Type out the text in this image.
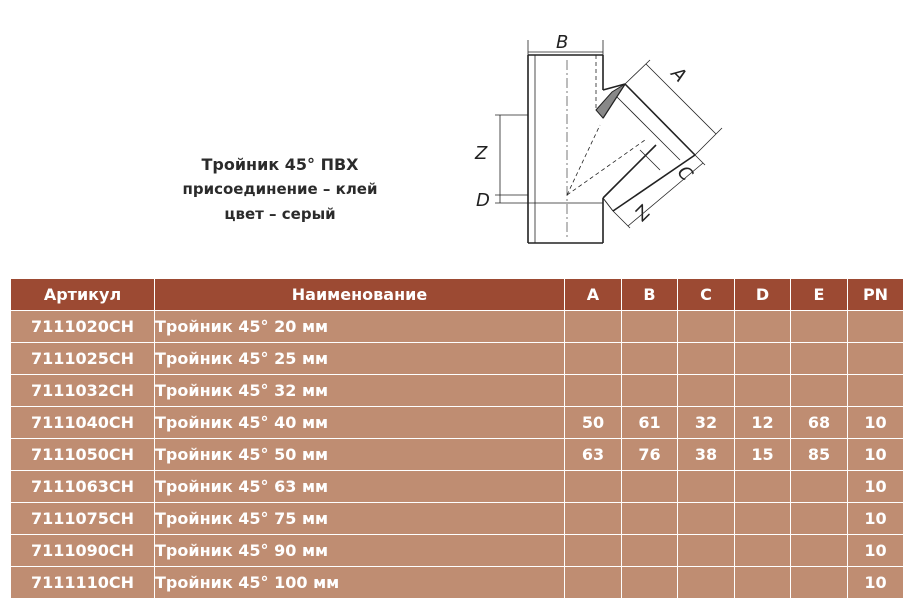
Тройник 45° ПВХ
присоединение – клей
цвет – серый
B
A
Z
D
C
Z
Артикул	Наименование	A	B	C	D	E	PN
7111020CH	Тройник 45° 20 мм						
7111025CH	Тройник 45° 25 мм						
7111032CH	Тройник 45° 32 мм						
7111040CH	Тройник 45° 40 мм	50	61	32	12	68	10
7111050CH	Тройник 45° 50 мм	63	76	38	15	85	10
7111063CH	Тройник 45° 63 мм						10
7111075CH	Тройник 45° 75 мм						10
7111090CH	Тройник 45° 90 мм						10
7111110CH	Тройник 45° 100 мм						10
